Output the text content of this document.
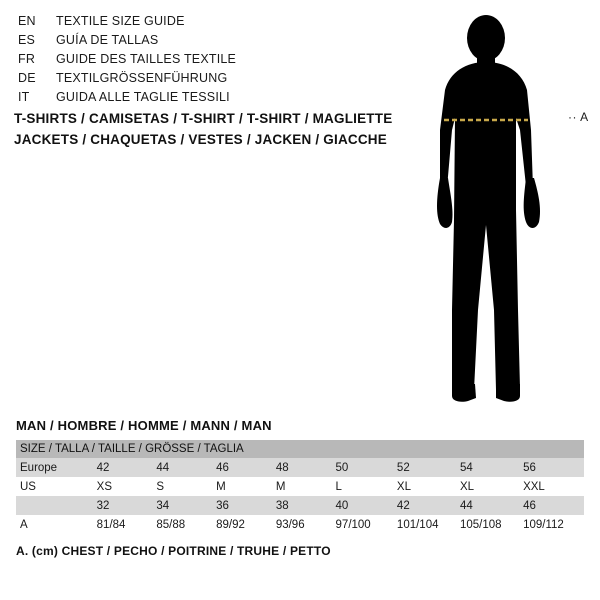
EN	TEXTILE SIZE GUIDE
ES	GUÍA DE TALLAS
FR	GUIDE DES TAILLES TEXTILE
DE	TEXTILGRÖSSENFÜHRUNG
IT	GUIDA ALLE TAGLIE TESSILI
T-SHIRTS / CAMISETAS / T-SHIRT / T-SHIRT / MAGLIETTE
JACKETS / CHAQUETAS / VESTES / JACKEN / GIACCHE
·· A
MAN / HOMBRE / HOMME / MANN / MAN
SIZE / TALLA / TAILLE / GRÖSSE / TAGLIA								
Europe	42	44	46	48	50	52	54	56
US	XS	S	M	M	L	XL	XL	XXL
	32	34	36	38	40	42	44	46
A	81/84	85/88	89/92	93/96	97/100	101/104	105/108	109/112
A. (cm) CHEST / PECHO / POITRINE / TRUHE / PETTO
